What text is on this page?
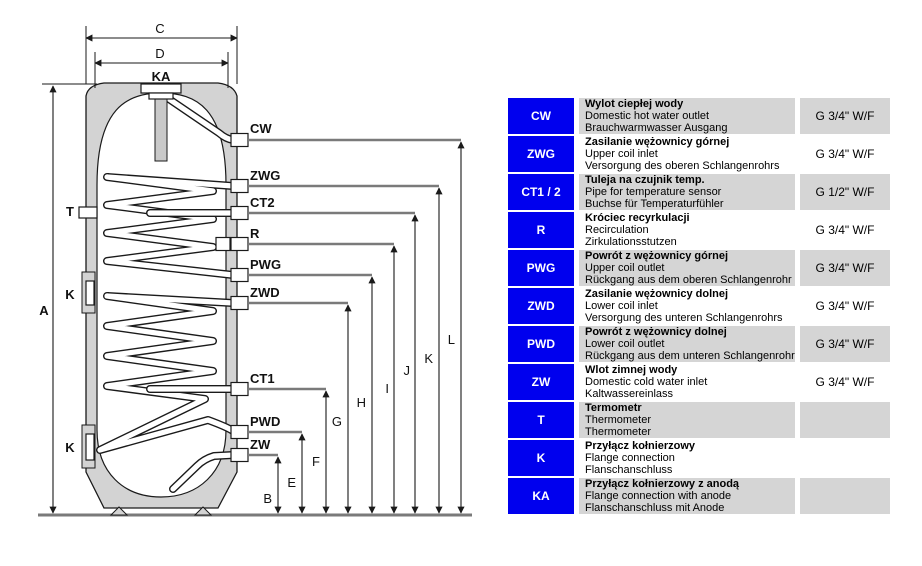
C
D
A
B
E
F
G
H
I
J
K
L
KA
T
K
K
CW
ZWG
CT2
R
PWG
ZWD
CT1
PWD
ZW
CW
Wylot ciepłej wody
Domestic hot water outlet
Brauchwarmwasser Ausgang
G 3/4" W/F
ZWG
Zasilanie wężownicy górnej
Upper coil inlet
Versorgung des oberen Schlangenrohrs
G 3/4" W/F
CT1 / 2
Tuleja na czujnik temp.
Pipe for temperature sensor
Buchse für Temperaturfühler
G 1/2" W/F
R
Króciec recyrkulacji
Recirculation
Zirkulationsstutzen
G 3/4" W/F
PWG
Powrót z wężownicy górnej
Upper coil outlet
Rückgang aus dem oberen Schlangenrohr
G 3/4" W/F
ZWD
Zasilanie wężownicy dolnej
Lower coil inlet
Versorgung des unteren Schlangenrohrs
G 3/4" W/F
PWD
Powrót z wężownicy dolnej
Lower coil outlet
Rückgang aus dem unteren Schlangenrohr
G 3/4" W/F
ZW
Wlot zimnej wody
Domestic cold water inlet
Kaltwassereinlass
G 3/4" W/F
T
Termometr
Thermometer
Thermometer
K
Przyłącz kołnierzowy
Flange connection
Flanschanschluss
KA
Przyłącz kołnierzowy z anodą
Flange connection with anode
Flanschanschluss mit Anode
